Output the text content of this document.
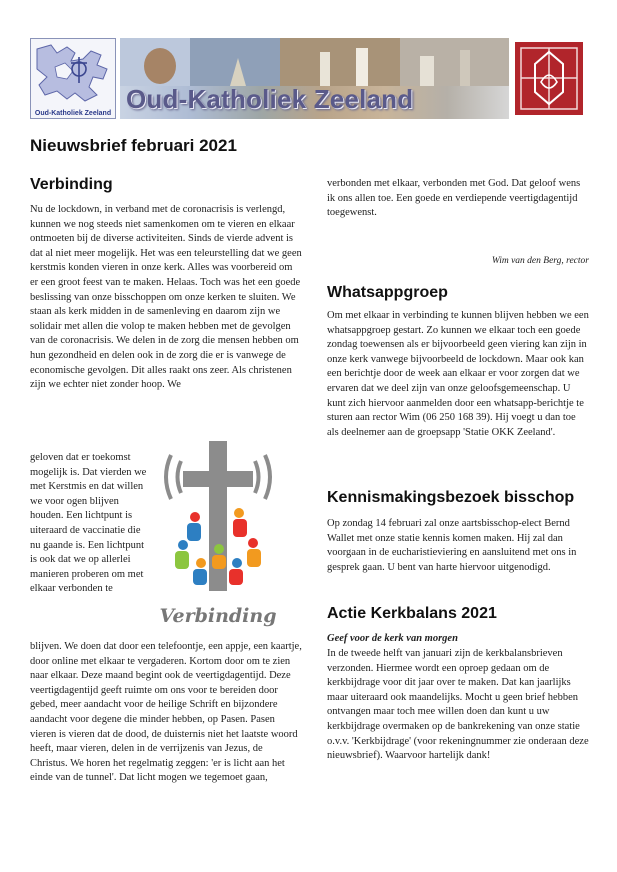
Oud-Katholiek Zeeland Oud-Katholiek Zeeland
Nieuwsbrief februari 2021
Verbinding

Nu de lockdown, in verband met de coronacrisis is verlengd, kunnen we nog steeds niet samenkomen om te vieren en elkaar ontmoeten bij de diverse activiteiten. Sinds de vierde advent is dat al niet meer mogelijk. Het was een teleurstelling dat we geen kerstmis konden vieren in onze kerk. Alles was voorbereid om er een groot feest van te maken. Helaas. Toch was het een goede beslissing van onze bisschoppen om onze kerken te sluiten. We staan als kerk midden in de samenleving en daarom zijn we solidair met allen die volop te maken hebben met de gevolgen van de coronacrisis. We delen in de zorg die mensen hebben om hun gezondheid en delen ook in de zorg die er is vanwege de economische gevolgen. Dit alles raakt ons zeer. Als christenen zijn we echter niet zonder hoop. We

geloven dat er toekomst mogelijk is. Dat vierden we met Kerstmis en dat willen we voor ogen blijven houden. Een lichtpunt is uiteraard de vaccinatie die nu gaande is. Een lichtpunt is ook dat we op allerlei manieren proberen om met elkaar verbonden te

Verbinding

blijven. We doen dat door een telefoontje, een appje, een kaartje, door online met elkaar te vergaderen. Kortom door om te zien naar elkaar. Deze maand begint ook de veertigdagentijd. Deze veertigdagentijd geeft ruimte om ons voor te bereiden door gebed, meer aandacht voor de heilige Schrift en bijzondere aandacht voor degene die minder hebben, op Pasen. Pasen vieren is vieren dat de dood, de duisternis niet het laatste woord heeft, maar vieren, delen in de verrijzenis van Jezus, de Christus. We horen het regelmatig zeggen: 'er is licht aan het einde van de tunnel'. Dat licht mogen we tegemoet gaan,

verbonden met elkaar, verbonden met God. Dat geloof wens ik ons allen toe. Een goede en verdiepende veertigdagentijd toegewenst.

Wim van den Berg, rector
Whatsappgroep

Om met elkaar in verbinding te kunnen blijven hebben we een whatsappgroep gestart. Zo kunnen we elkaar toch een goede zondag toewensen als er bijvoorbeeld geen viering kan zijn in onze kerk vanwege bijvoorbeeld de lockdown. Maar ook kan een berichtje door de week aan elkaar er voor zorgen dat we ervaren dat we deel zijn van onze geloofsgemeenschap. U kunt zich hiervoor aanmelden door een whatsapp-berichtje te sturen aan rector Wim (06 250 168 39). Hij voegt u dan toe als deelnemer aan de groepsapp 'Statie OKK Zeeland'.

Kennismakingsbezoek bisschop

Op zondag 14 februari zal onze aartsbisschop-elect Bernd Wallet met onze statie kennis komen maken. Hij zal dan voorgaan in de eucharistieviering en aansluitend met ons in gesprek gaan. U bent van harte hiervoor uitgenodigd.

Actie Kerkbalans 2021

Geef voor de kerk van morgen

In de tweede helft van januari zijn de kerkbalansbrieven verzonden. Hiermee wordt een oproep gedaan om de kerkbijdrage voor dit jaar over te maken. Dat kan jaarlijks maar uiteraard ook maandelijks. Mocht u geen brief hebben ontvangen maar toch mee willen doen dan kunt u uw kerkbijdrage overmaken op de bankrekening van onze statie o.v.v. 'Kerkbijdrage' (voor rekeningnummer zie onderaan deze nieuwsbrief). Waarvoor hartelijk dank!
